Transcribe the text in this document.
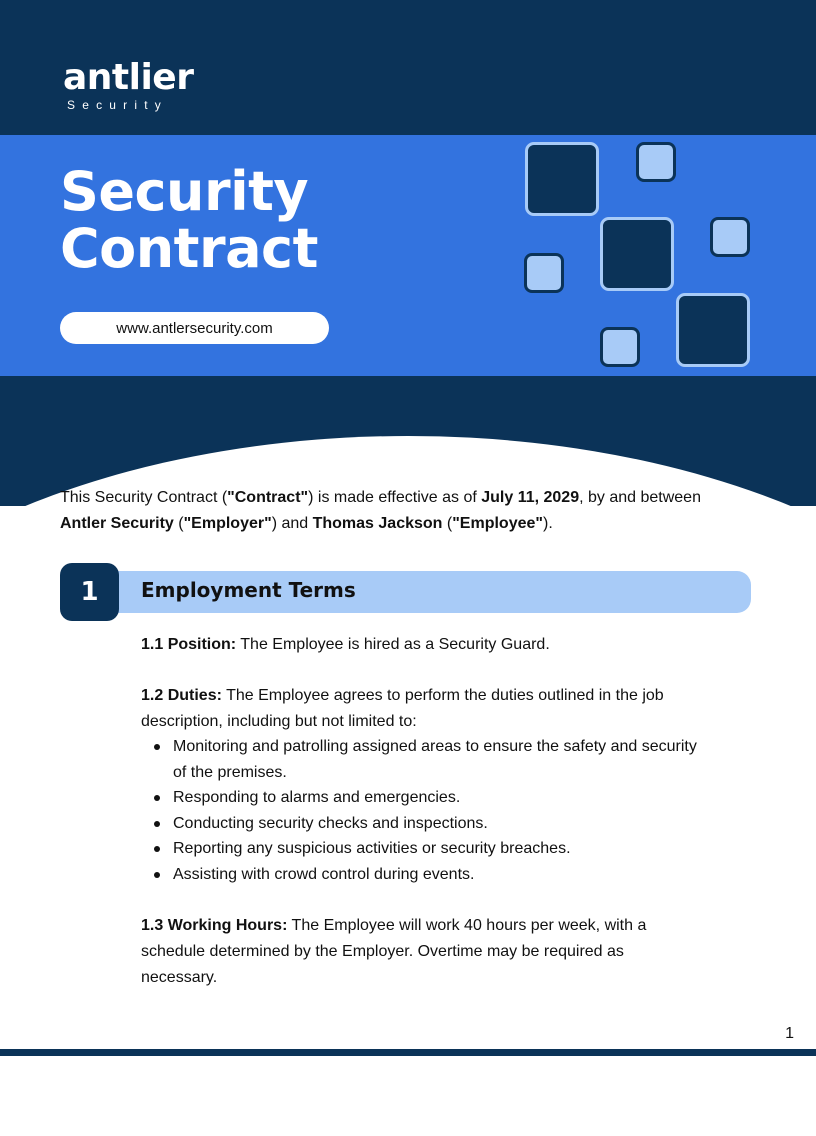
antlier
Security
Security
Contract
www.antlersecurity.com

This Security Contract ("Contract") is made effective as of July 11, 2029, by and between
Antler Security ("Employer") and Thomas Jackson ("Employee").

1	Employment Terms

1.1 Position: The Employee is hired as a Security Guard.

1.2 Duties: The Employee agrees to perform the duties outlined in the job description, including but not limited to:

Monitoring and patrolling assigned areas to ensure the safety and security of the premises.
Responding to alarms and emergencies.
Conducting security checks and inspections.
Reporting any suspicious activities or security breaches.
Assisting with crowd control during events.

1.3 Working Hours: The Employee will work 40 hours per week, with a schedule determined by the Employer. Overtime may be required as necessary.

1
